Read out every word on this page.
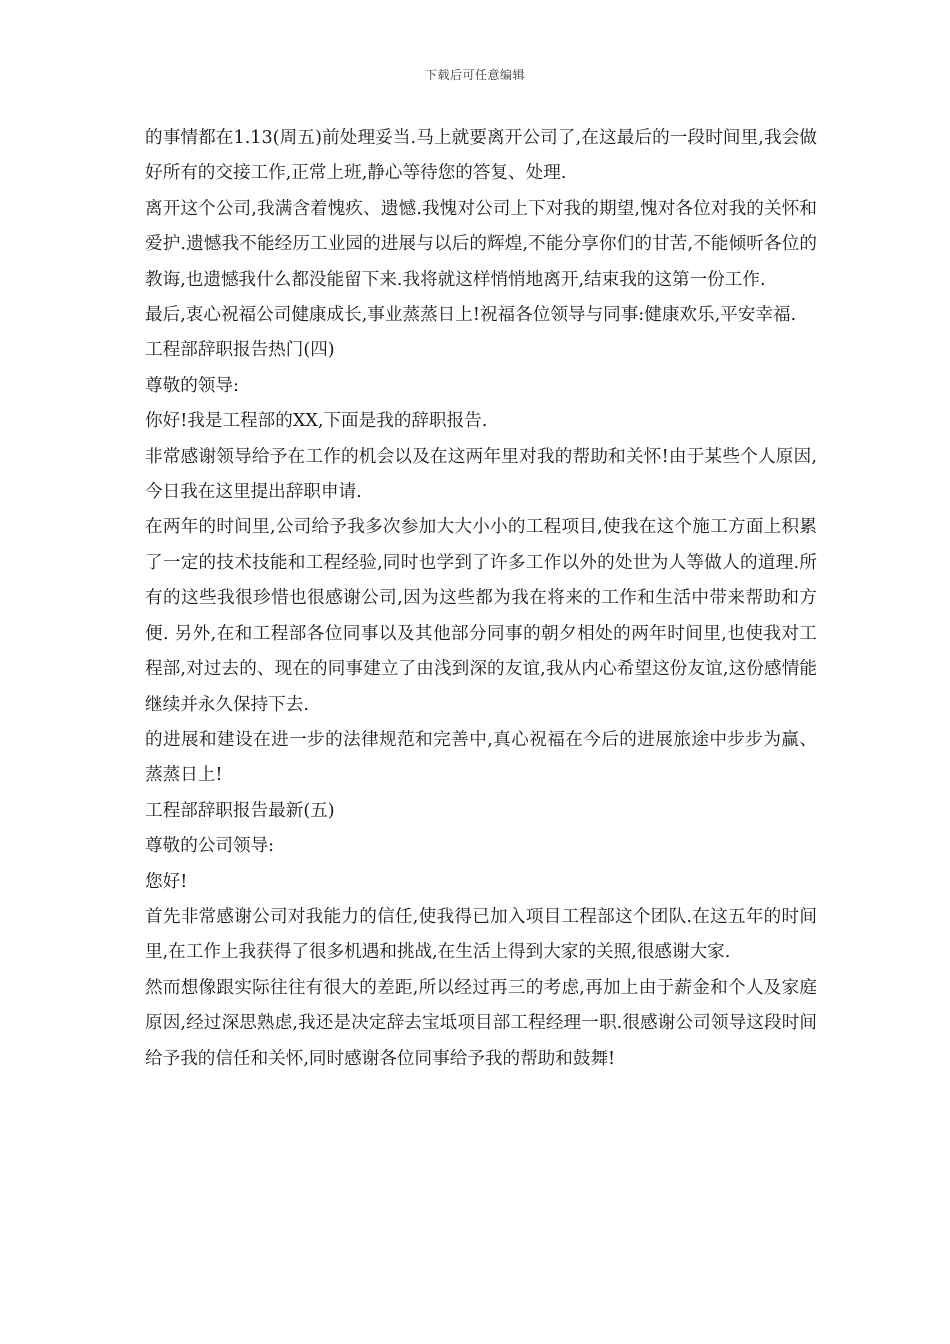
下载后可任意编辑

的事情都在1.13(周五)前处理妥当.马上就要离开公司了,在这最后的一段时间里,我会做好所有的交接工作,正常上班,静心等待您的答复、处理.

离开这个公司,我满含着愧疚、遗憾.我愧对公司上下对我的期望,愧对各位对我的关怀和爱护.遗憾我不能经历工业园的进展与以后的辉煌,不能分享你们的甘苦,不能倾听各位的教诲,也遗憾我什么都没能留下来.我将就这样悄悄地离开,结束我的这第一份工作.

最后,衷心祝福公司健康成长,事业蒸蒸日上!祝福各位领导与同事:健康欢乐,平安幸福.

工程部辞职报告热门(四)

尊敬的领导:

你好!我是工程部的XX,下面是我的辞职报告.

非常感谢领导给予在工作的机会以及在这两年里对我的帮助和关怀!由于某些个人原因,今日我在这里提出辞职申请.

在两年的时间里,公司给予我多次参加大大小小的工程项目,使我在这个施工方面上积累了一定的技术技能和工程经验,同时也学到了许多工作以外的处世为人等做人的道理.所有的这些我很珍惜也很感谢公司,因为这些都为我在将来的工作和生活中带来帮助和方便. 另外,在和工程部各位同事以及其他部分同事的朝夕相处的两年时间里,也使我对工程部,对过去的、现在的同事建立了由浅到深的友谊,我从内心希望这份友谊,这份感情能继续并永久保持下去.

的进展和建设在进一步的法律规范和完善中,真心祝福在今后的进展旅途中步步为赢、蒸蒸日上!

工程部辞职报告最新(五)

尊敬的公司领导:

您好!

首先非常感谢公司对我能力的信任,使我得已加入项目工程部这个团队.在这五年的时间里,在工作上我获得了很多机遇和挑战,在生活上得到大家的关照,很感谢大家.

然而想像跟实际往往有很大的差距,所以经过再三的考虑,再加上由于薪金和个人及家庭原因,经过深思熟虑,我还是决定辞去宝坻项目部工程经理一职.很感谢公司领导这段时间给予我的信任和关怀,同时感谢各位同事给予我的帮助和鼓舞!
